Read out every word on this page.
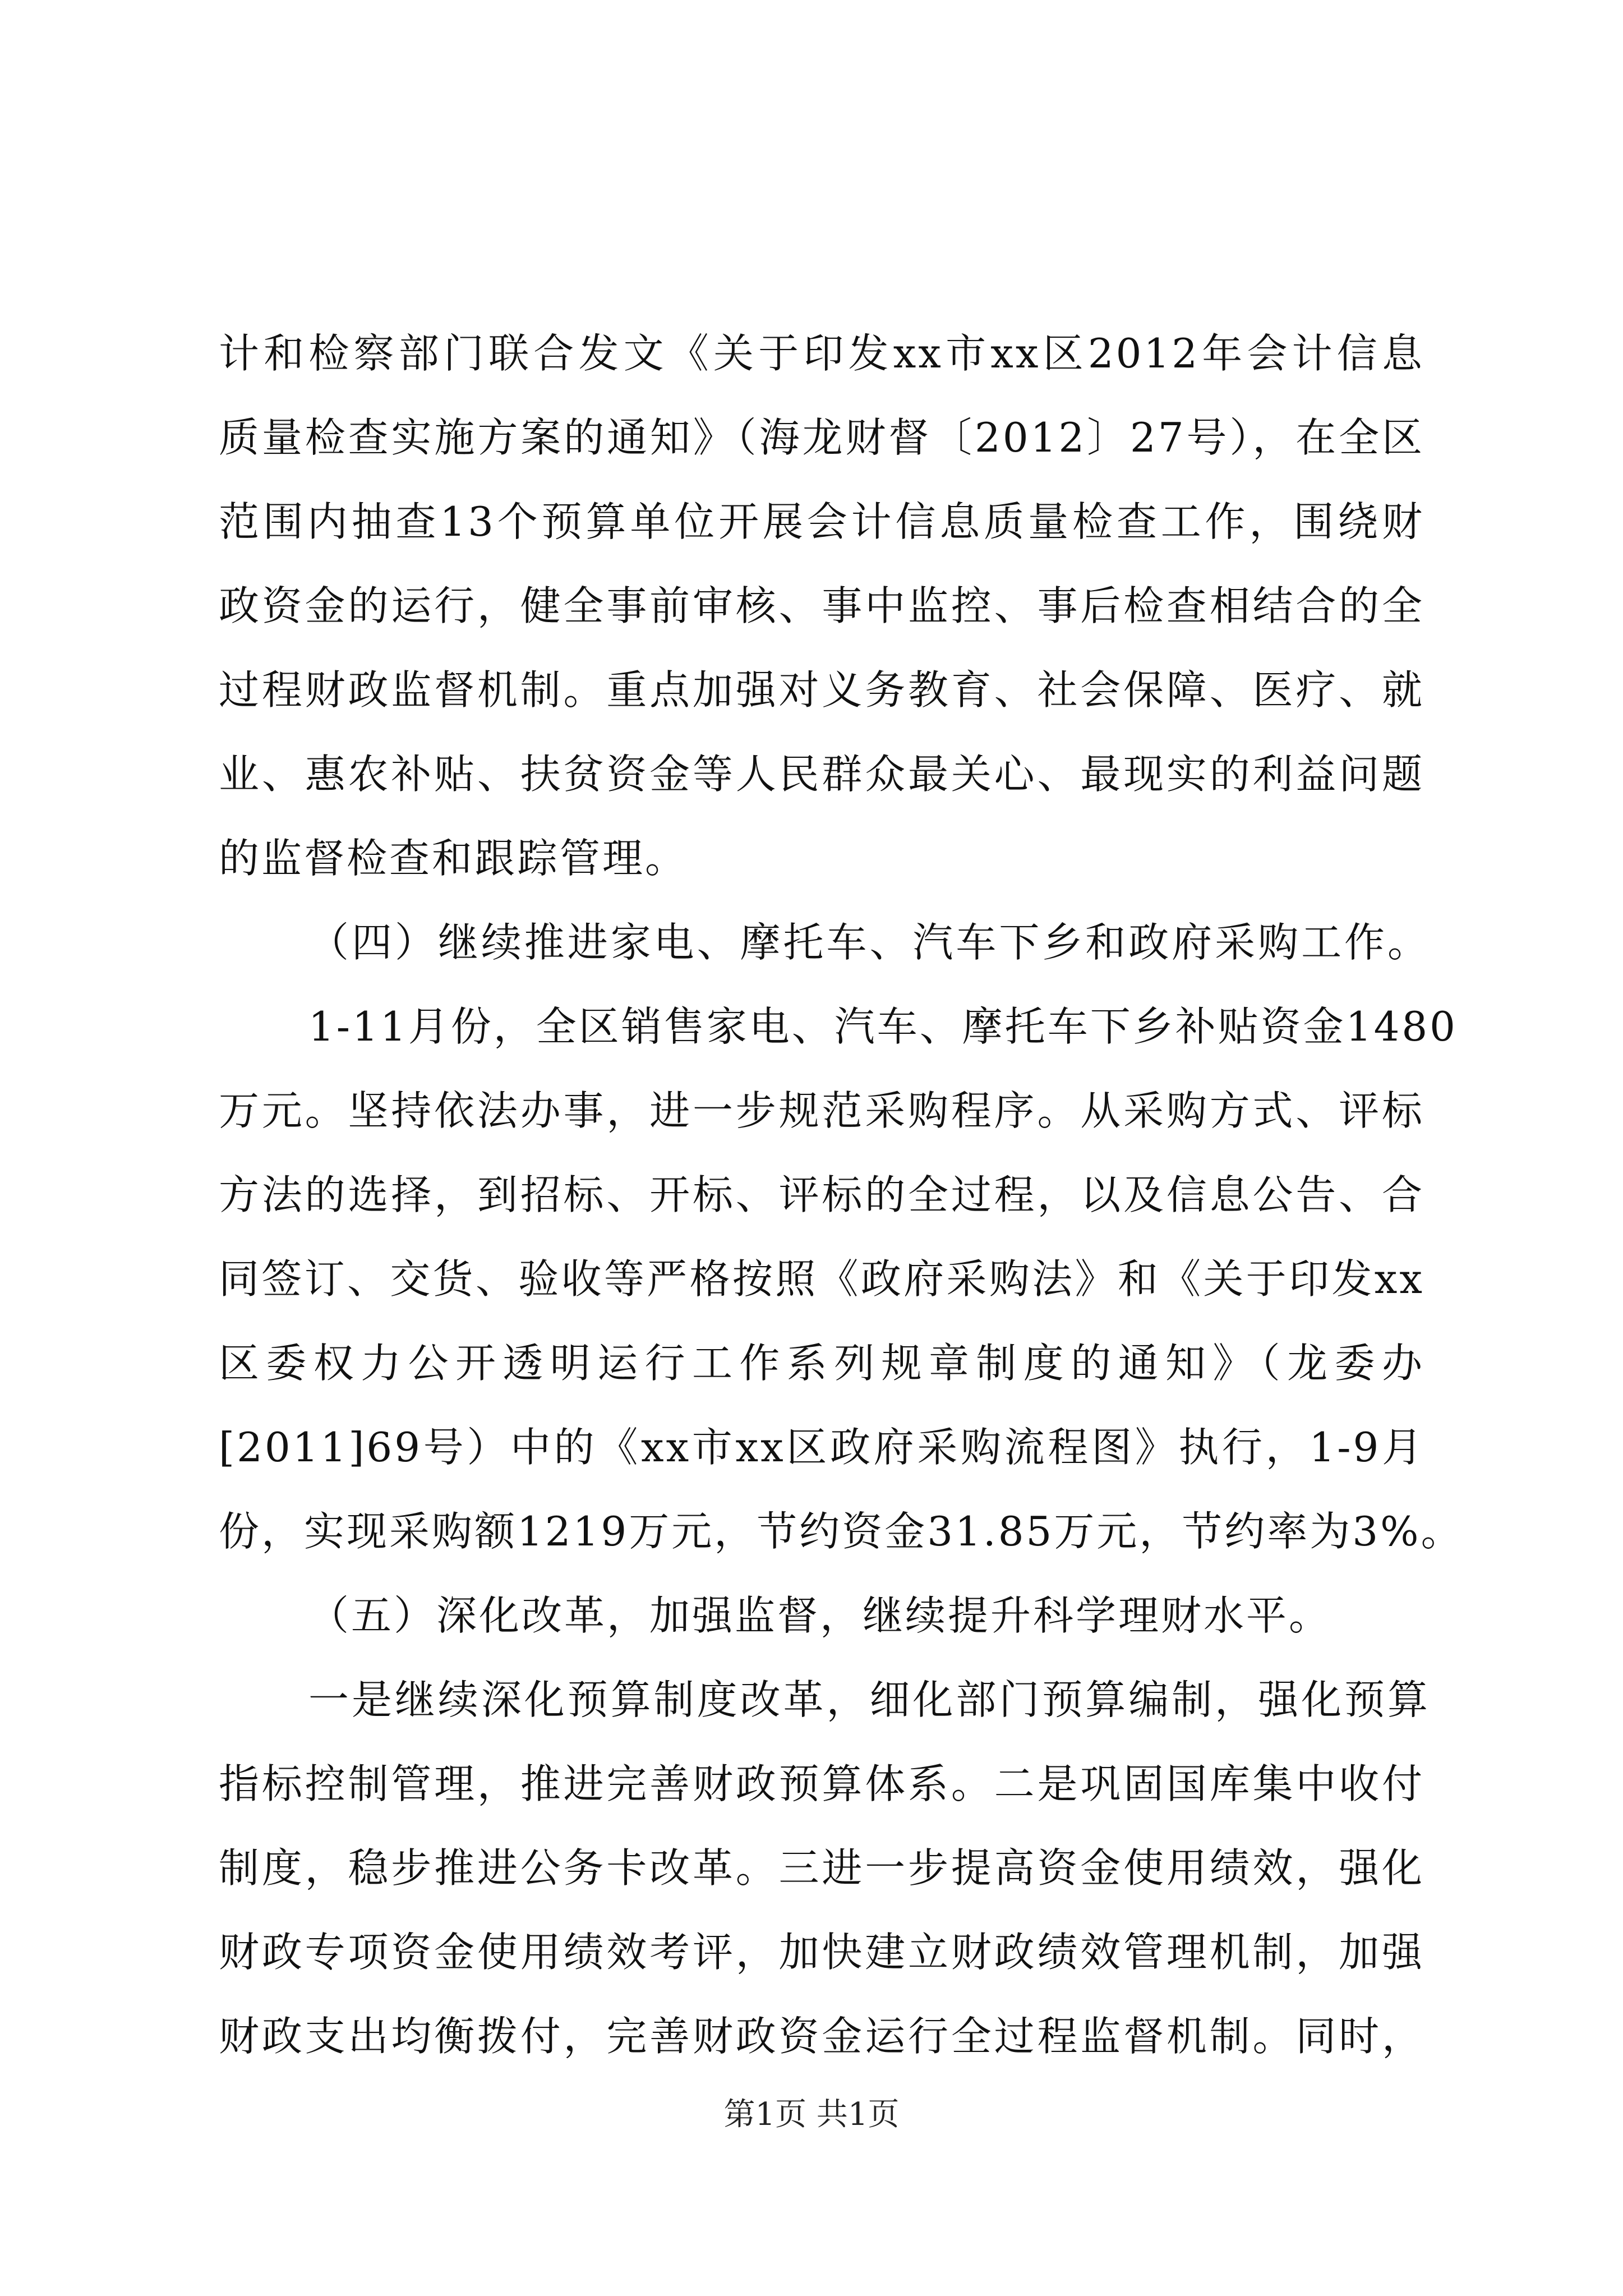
计和检察部门联合发文《关于印发xx市xx区2012年会计信息
质量检查实施方案的通知》（海龙财督〔2012〕27号），在全区
范围内抽查13个预算单位开展会计信息质量检查工作，围绕财
政资金的运行，健全事前审核、事中监控、事后检查相结合的全
过程财政监督机制。重点加强对义务教育、社会保障、医疗、就
业、惠农补贴、扶贫资金等人民群众最关心、最现实的利益问题
的监督检查和跟踪管理。
（四）继续推进家电、摩托车、汽车下乡和政府采购工作。
1-11月份，全区销售家电、汽车、摩托车下乡补贴资金1480
万元。坚持依法办事，进一步规范采购程序。从采购方式、评标
方法的选择，到招标、开标、评标的全过程，以及信息公告、合
同签订、交货、验收等严格按照《政府采购法》和《关于印发xx
区委权力公开透明运行工作系列规章制度的通知》（龙委办
[2011]69号）中的《xx市xx区政府采购流程图》执行，1-9月
份，实现采购额1219万元，节约资金31.85万元，节约率为3%。
（五）深化改革，加强监督，继续提升科学理财水平。
一是继续深化预算制度改革，细化部门预算编制，强化预算
指标控制管理，推进完善财政预算体系。二是巩固国库集中收付
制度，稳步推进公务卡改革。三进一步提高资金使用绩效，强化
财政专项资金使用绩效考评，加快建立财政绩效管理机制，加强
财政支出均衡拨付，完善财政资金运行全过程监督机制。同时，
第1页 共1页
